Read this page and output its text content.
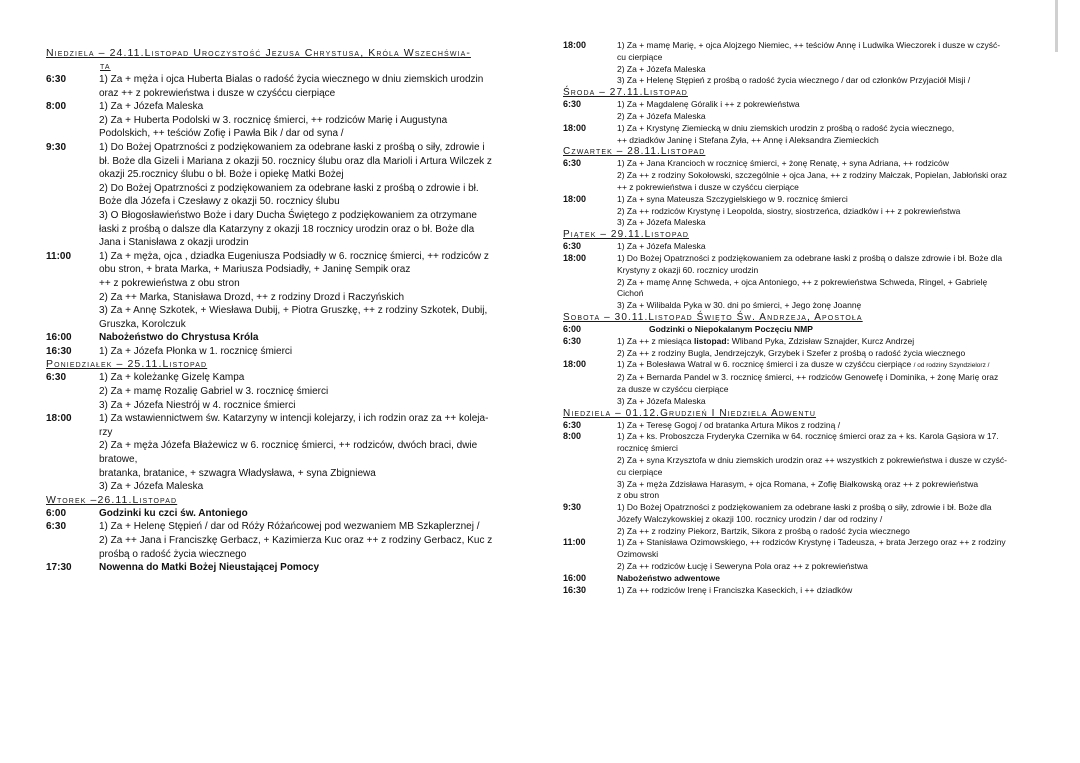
Niedziela – 24.11.Listopad Uroczystość Jezusa Chrystusa, Króla Wszechświa-
ta
6:30	1) Za + męża i ojca Huberta Bialas o radość życia wiecznego w dniu ziemskich urodzin
oraz ++ z pokrewieństwa i dusze w czyśćcu cierpiące
8:00	1) Za + Józefa Maleska
2) Za + Huberta Podolski w 3. rocznicę śmierci, ++ rodziców Marię i Augustyna
Podolskich, ++ teściów Zofię i Pawła Bik / dar od syna /
9:30	1) Do Bożej Opatrzności z podziękowaniem za odebrane łaski z prośbą o siły, zdrowie i
bł. Boże dla Gizeli i Mariana z okazji 50. rocznicy ślubu oraz dla Marioli i Artura Wilczek z
okazji 25.rocznicy ślubu o bł. Boże i opiekę Matki Bożej
2) Do Bożej Opatrzności z podziękowaniem za odebrane łaski z prośbą o zdrowie i bł.
Boże dla Józefa i Czesławy z okazji 50. rocznicy ślubu
3) O Błogosławieństwo Boże i dary Ducha Świętego z podziękowaniem za otrzymane
łaski z prośbą o dalsze dla Katarzyny z okazji 18 rocznicy urodzin oraz o bł. Boże dla
Jana i Stanisława z okazji urodzin
11:00	1) Za + męża, ojca , dziadka Eugeniusza Podsiadły w 6. rocznicę śmierci, ++ rodziców z
obu stron, + brata Marka, + Mariusza Podsiadły, + Janinę Sempik oraz
++ z pokrewieństwa z obu stron
2) Za ++ Marka, Stanisława Drozd, ++ z rodziny Drozd i Raczyńskich
3) Za + Annę Szkotek, + Wiesława Dubij, + Piotra Gruszkę, ++ z rodziny Szkotek, Dubij,
Gruszka, Korolczuk
16:00	Nabożeństwo do Chrystusa Króla
16:30	1) Za + Józefa Płonka w 1. rocznicę śmierci
Poniedziałek – 25.11.Listopad
6:30	1) Za + koleżankę Gizelę Kampa
2) Za + mamę Rozalię Gabriel w 3. rocznicę śmierci
3) Za + Józefa Niestrój w 4. rocznice śmierci
18:00	1) Za wstawiennictwem św. Katarzyny w intencji kolejarzy, i ich rodzin oraz za ++ koleja-
rzy
2) Za + męża Józefa Błażewicz w 6. rocznicę śmierci, ++ rodziców, dwóch braci, dwie
bratowe,
bratanka, bratanice, + szwagra Władysława, + syna Zbigniewa
3) Za + Józefa Maleska
Wtorek –26.11.Listopad
6:00	Godzinki ku czci św. Antoniego
6:30	1) Za + Helenę Stępień / dar od Róży Różańcowej pod wezwaniem MB Szkaplerznej /
2) Za ++ Jana i Franciszkę Gerbacz, + Kazimierza Kuc oraz ++ z rodziny Gerbacz, Kuc z
prośbą o radość życia wiecznego
17:30	Nowenna do Matki Bożej Nieustającej Pomocy
18:00	1) Za + mamę Marię, + ojca Alojzego Niemiec, ++ teściów Annę i Ludwika Wieczorek i dusze w czyść-
cu cierpiące
2) Za + Józefa Maleska
3) Za + Helenę Stępień z prośbą o radość życia wiecznego / dar od członków Przyjaciół Misji /
Środa – 27.11.Listopad
6:30	1) Za + Magdalenę Góralik i ++ z pokrewieństwa
2) Za + Józefa Maleska
18:00	1) Za + Krystynę Ziemiecką w dniu ziemskich urodzin z prośbą o radość życia wiecznego,
++ dziadków Janinę i Stefana Żyła, ++ Annę i Aleksandra Ziemieckich
Czwartek – 28.11.Listopad
6:30	1) Za + Jana Krancioch w rocznicę śmierci, + żonę Renatę, + syna Adriana, ++ rodziców
2) Za ++ z rodziny Sokołowski, szczególnie + ojca Jana, ++ z rodziny Małczak, Popielan, Jabłoński oraz
++ z pokrewieństwa i dusze w czyśćcu cierpiące
18:00	1) Za + syna Mateusza Szczygielskiego w 9. rocznicę śmierci
2) Za ++ rodziców Krystynę i Leopolda, siostry, siostrzeńca, dziadków i ++ z pokrewieństwa
3) Za + Józefa Maleska
Piątek – 29.11.Listopad
6:30	1) Za + Józefa Maleska
18:00	1) Do Bożej Opatrzności z podziękowaniem za odebrane łaski z prośbą o dalsze zdrowie i bł. Boże dla
Krystyny z okazji 60. rocznicy urodzin
2) Za + mamę Annę Schweda, + ojca Antoniego, ++ z pokrewieństwa Schweda, Ringel, + Gabrielę
Cichoń
3) Za + Wilibalda Pyka w 30. dni po śmierci, + Jego żonę Joannę
Sobota – 30.11.Listopad Święto Św. Andrzeja, Apostoła
6:00	Godzinki o Niepokalanym Poczęciu NMP
6:30	1) Za ++ z miesiąca listopad: Wliband Pyka, Zdzisław Sznajder, Kurcz Andrzej
2) Za ++ z rodziny Bugla, Jendrzejczyk, Grzybek i Szefer z prośbą o radość życia wiecznego
18:00	1) Za + Bolesława Watral w 6. rocznicę śmierci i za dusze w czyśćcu cierpiące / od rodziny Szyndzielorz /
2) Za + Bernarda Pandel w 3. rocznicę śmierci, ++ rodziców Genowefę i Dominika, + żonę Marię oraz
za dusze w czyśćcu cierpiące
3) Za + Józefa Maleska
Niedziela – 01.12.Grudzień I Niedziela Adwentu
6:30	1) Za + Teresę Gogoj / od bratanka Artura Mikos z rodziną /
8:00	1) Za + ks. Proboszcza Fryderyka Czernika w 64. rocznicę śmierci oraz za + ks. Karola Gąsiora w 17.
rocznicę śmierci
2) Za + syna Krzysztofa w dniu ziemskich urodzin oraz ++ wszystkich z pokrewieństwa i dusze w czyść-
cu cierpiące
3) Za + męża Zdzisława Harasym, + ojca Romana, + Zofię Białkowską oraz ++ z pokrewieństwa
z obu stron
9:30	1) Do Bożej Opatrzności z podziękowaniem za odebrane łaski z prośbą o siły, zdrowie i bł. Boże dla
Józefy Walczykowskiej z okazji 100. rocznicy urodzin / dar od rodziny /
2) Za ++ z rodziny Piekorz, Bartzik, Sikora z prośbą o radość życia wiecznego
11:00	1) Za + Stanisława Ozimowskiego, ++ rodziców Krystynę i Tadeusza, + brata Jerzego oraz ++ z rodziny
Ozimowski
2) Za ++ rodziców Łucję i Seweryna Pola oraz ++ z pokrewieństwa
16:00	Nabożeństwo adwentowe
16:30	1) Za ++ rodziców Irenę i Franciszka Kaseckich, i ++ dziadków
